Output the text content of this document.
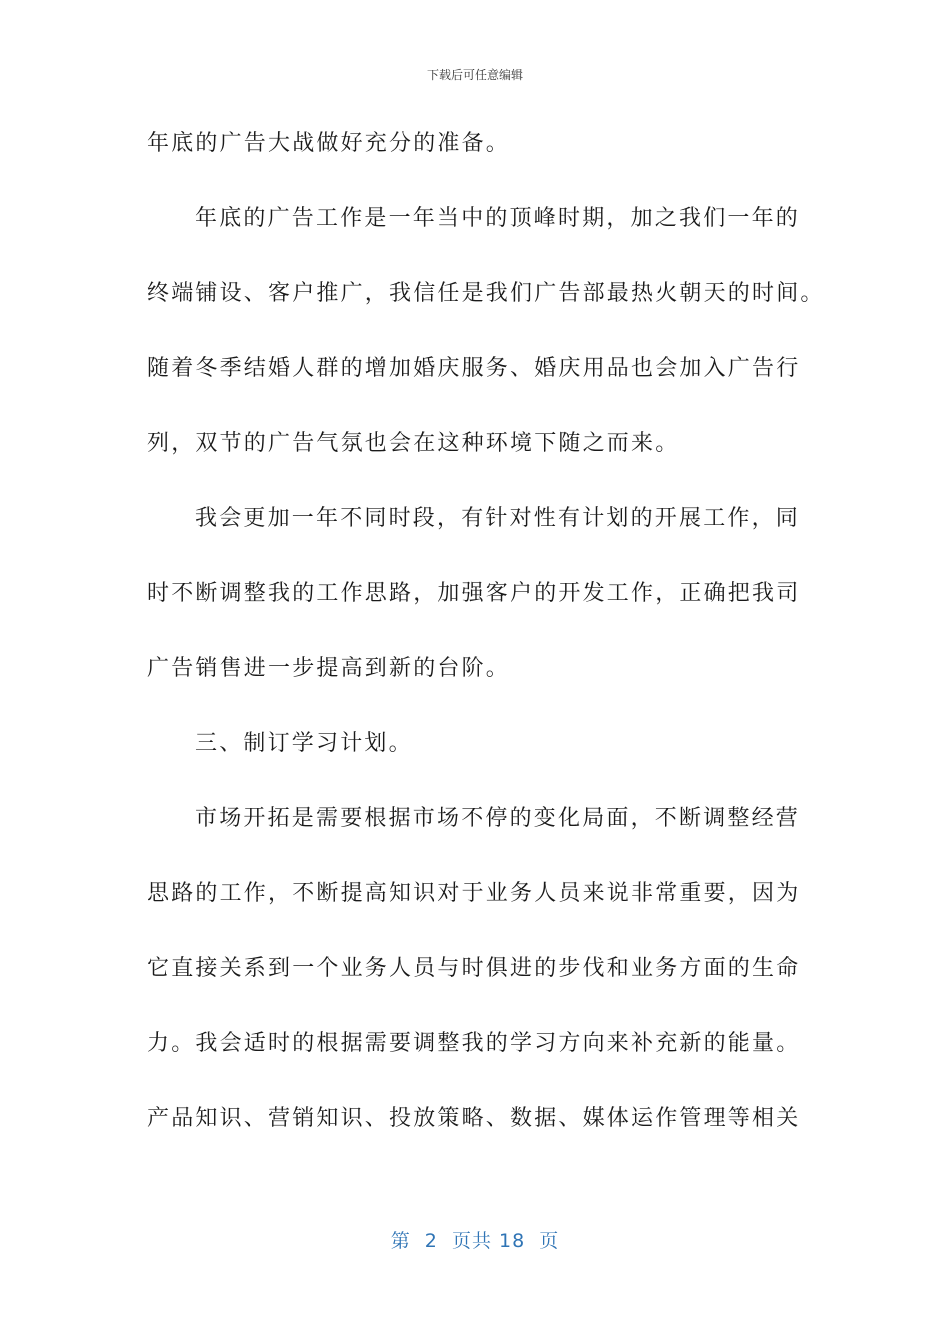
下载后可任意编辑
年底的广告大战做好充分的准备。
年底的广告工作是一年当中的顶峰时期，加之我们一年的
终端铺设、客户推广，我信任是我们广告部最热火朝天的时间。
随着冬季结婚人群的增加婚庆服务、婚庆用品也会加入广告行
列，双节的广告气氛也会在这种环境下随之而来。
我会更加一年不同时段，有针对性有计划的开展工作，同
时不断调整我的工作思路，加强客户的开发工作，正确把我司
广告销售进一步提高到新的台阶。
三、制订学习计划。
市场开拓是需要根据市场不停的变化局面，不断调整经营
思路的工作，不断提高知识对于业务人员来说非常重要，因为
它直接关系到一个业务人员与时俱进的步伐和业务方面的生命
力。我会适时的根据需要调整我的学习方向来补充新的能量。
产品知识、营销知识、投放策略、数据、媒体运作管理等相关
第  2  页共 18  页
